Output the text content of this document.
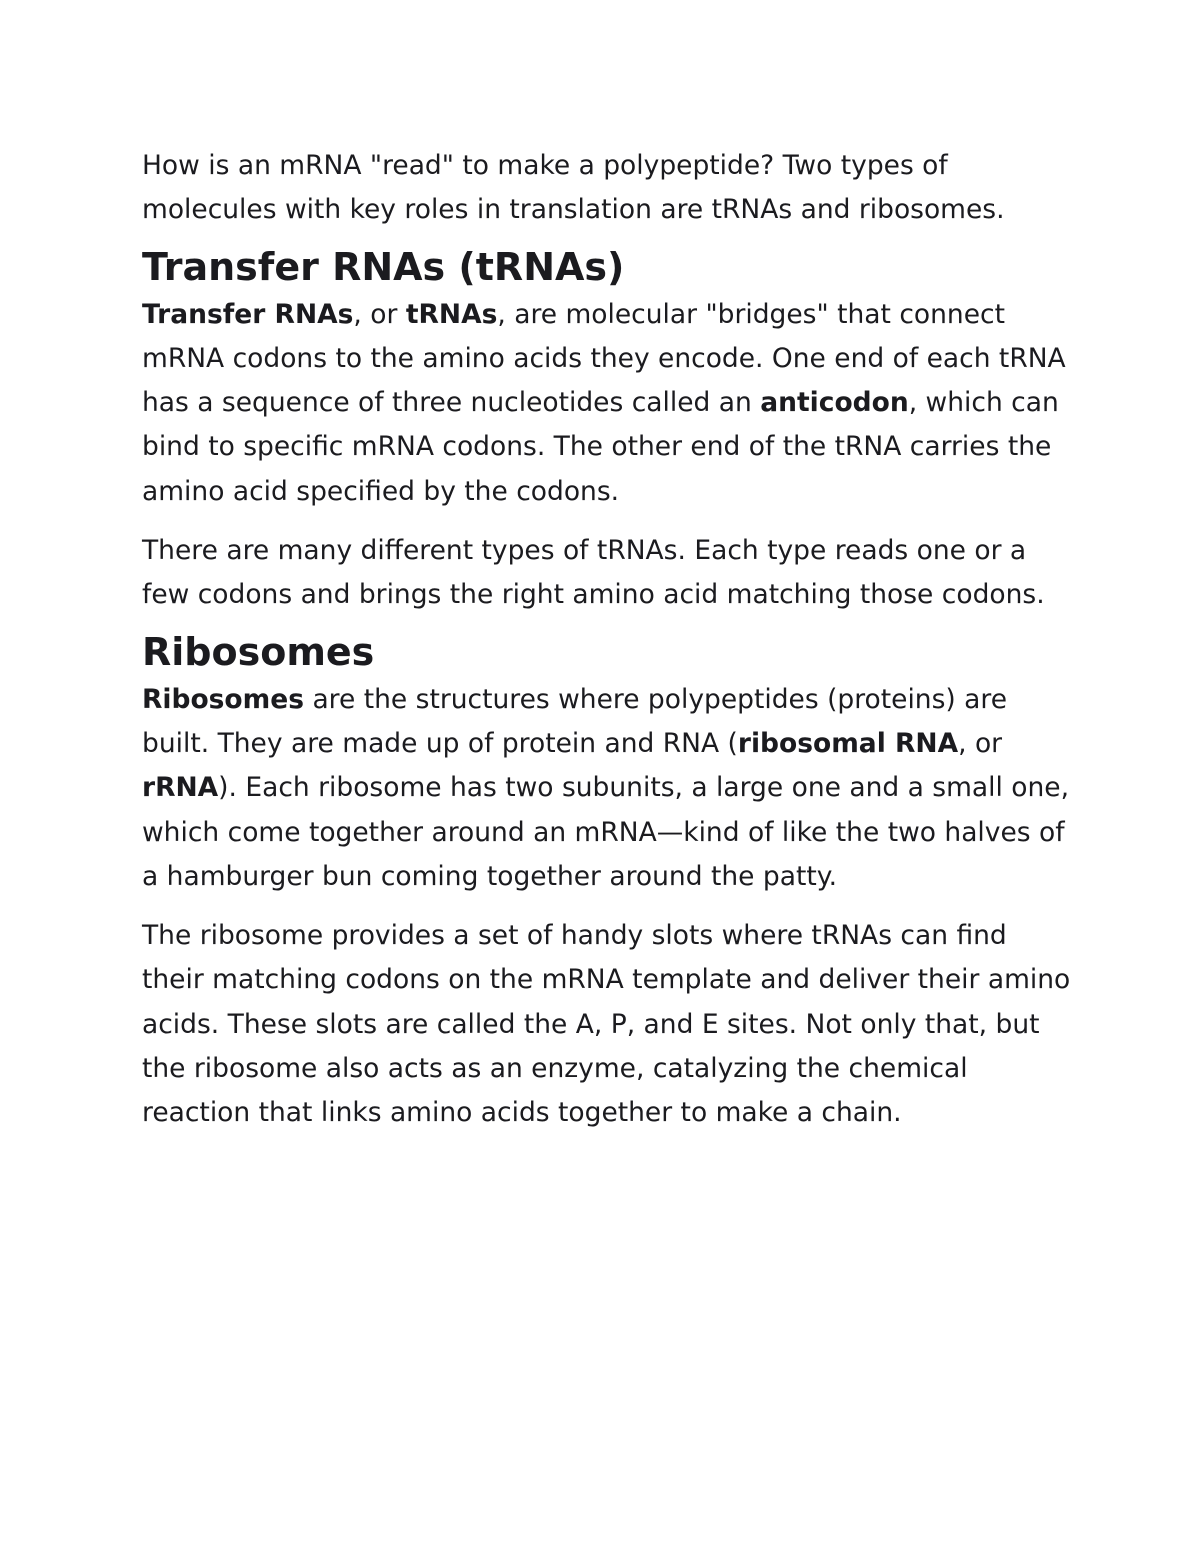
How is an mRNA "read" to make a polypeptide? Two types of molecules with key roles in translation are tRNAs and ribosomes.

Transfer RNAs (tRNAs)

Transfer RNAs, or tRNAs, are molecular "bridges" that connect mRNA codons to the amino acids they encode. One end of each tRNA has a sequence of three nucleotides called an anticodon, which can bind to specific mRNA codons. The other end of the tRNA carries the amino acid specified by the codons.

There are many different types of tRNAs. Each type reads one or a few codons and brings the right amino acid matching those codons.

Ribosomes

Ribosomes are the structures where polypeptides (proteins) are built. They are made up of protein and RNA (ribosomal RNA, or rRNA). Each ribosome has two subunits, a large one and a small one, which come together around an mRNA—kind of like the two halves of a hamburger bun coming together around the patty.

The ribosome provides a set of handy slots where tRNAs can find their matching codons on the mRNA template and deliver their amino acids. These slots are called the A, P, and E sites. Not only that, but the ribosome also acts as an enzyme, catalyzing the chemical reaction that links amino acids together to make a chain.
